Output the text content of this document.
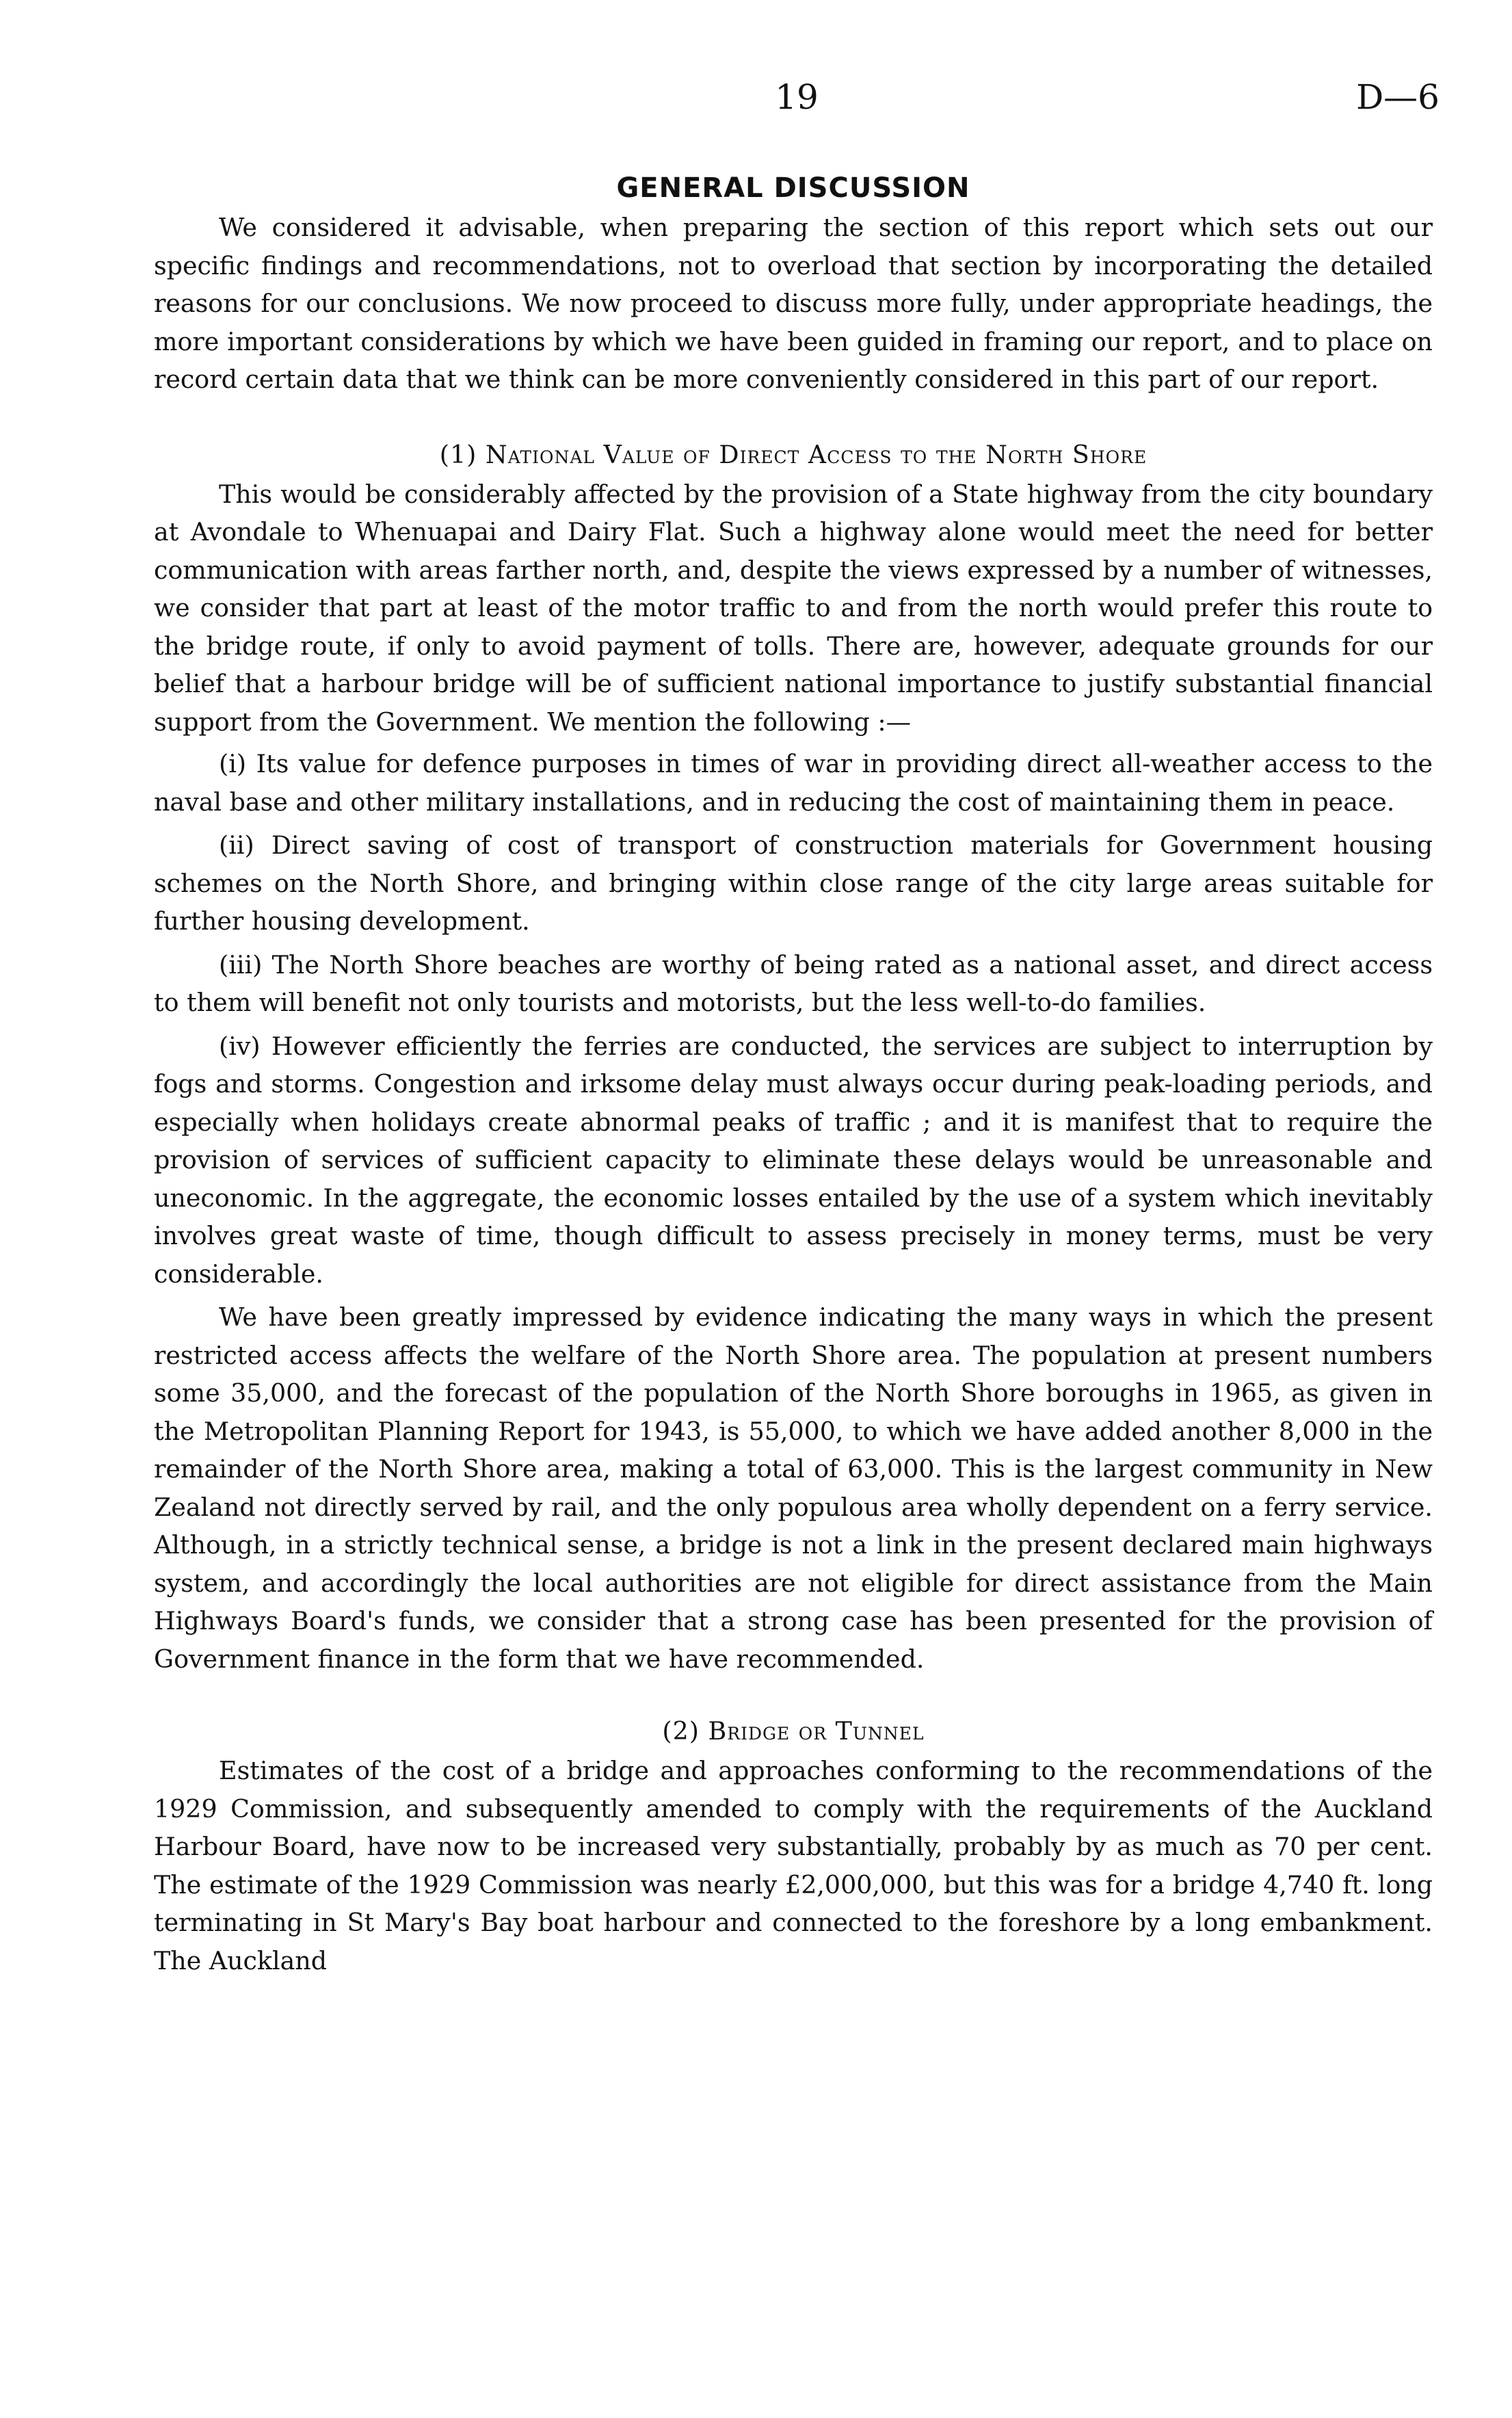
19	D—6
GENERAL DISCUSSION

We considered it advisable, when preparing the section of this report which sets out our specific findings and recommendations, not to overload that section by incorporating the detailed reasons for our conclusions. We now proceed to discuss more fully, under appropriate headings, the more important considerations by which we have been guided in framing our report, and to place on record certain data that we think can be more conveniently considered in this part of our report.

(1) National Value of Direct Access to the North Shore

This would be considerably affected by the provision of a State highway from the city boundary at Avondale to Whenuapai and Dairy Flat. Such a highway alone would meet the need for better communication with areas farther north, and, despite the views expressed by a number of witnesses, we consider that part at least of the motor traffic to and from the north would prefer this route to the bridge route, if only to avoid payment of tolls. There are, however, adequate grounds for our belief that a harbour bridge will be of sufficient national importance to justify substantial financial support from the Government. We mention the following :—

(i) Its value for defence purposes in times of war in providing direct all-weather access to the naval base and other military installations, and in reducing the cost of maintaining them in peace.

(ii) Direct saving of cost of transport of construction materials for Government housing schemes on the North Shore, and bringing within close range of the city large areas suitable for further housing development.

(iii) The North Shore beaches are worthy of being rated as a national asset, and direct access to them will benefit not only tourists and motorists, but the less well-to-do families.

(iv) However efficiently the ferries are conducted, the services are subject to interruption by fogs and storms. Congestion and irksome delay must always occur during peak-loading periods, and especially when holidays create abnormal peaks of traffic ; and it is manifest that to require the provision of services of sufficient capacity to eliminate these delays would be unreasonable and uneconomic. In the aggregate, the economic losses entailed by the use of a system which inevitably involves great waste of time, though difficult to assess precisely in money terms, must be very considerable.

We have been greatly impressed by evidence indicating the many ways in which the present restricted access affects the welfare of the North Shore area. The population at present numbers some 35,000, and the forecast of the population of the North Shore boroughs in 1965, as given in the Metropolitan Planning Report for 1943, is 55,000, to which we have added another 8,000 in the remainder of the North Shore area, making a total of 63,000. This is the largest community in New Zealand not directly served by rail, and the only populous area wholly dependent on a ferry service. Although, in a strictly technical sense, a bridge is not a link in the present declared main highways system, and accordingly the local authorities are not eligible for direct assistance from the Main Highways Board's funds, we consider that a strong case has been presented for the provision of Government finance in the form that we have recommended.

(2) Bridge or Tunnel

Estimates of the cost of a bridge and approaches conforming to the recommendations of the 1929 Commission, and subsequently amended to comply with the requirements of the Auckland Harbour Board, have now to be increased very substantially, probably by as much as 70 per cent. The estimate of the 1929 Commission was nearly £2,000,000, but this was for a bridge 4,740 ft. long terminating in St Mary's Bay boat harbour and connected to the foreshore by a long embankment. The Auckland
